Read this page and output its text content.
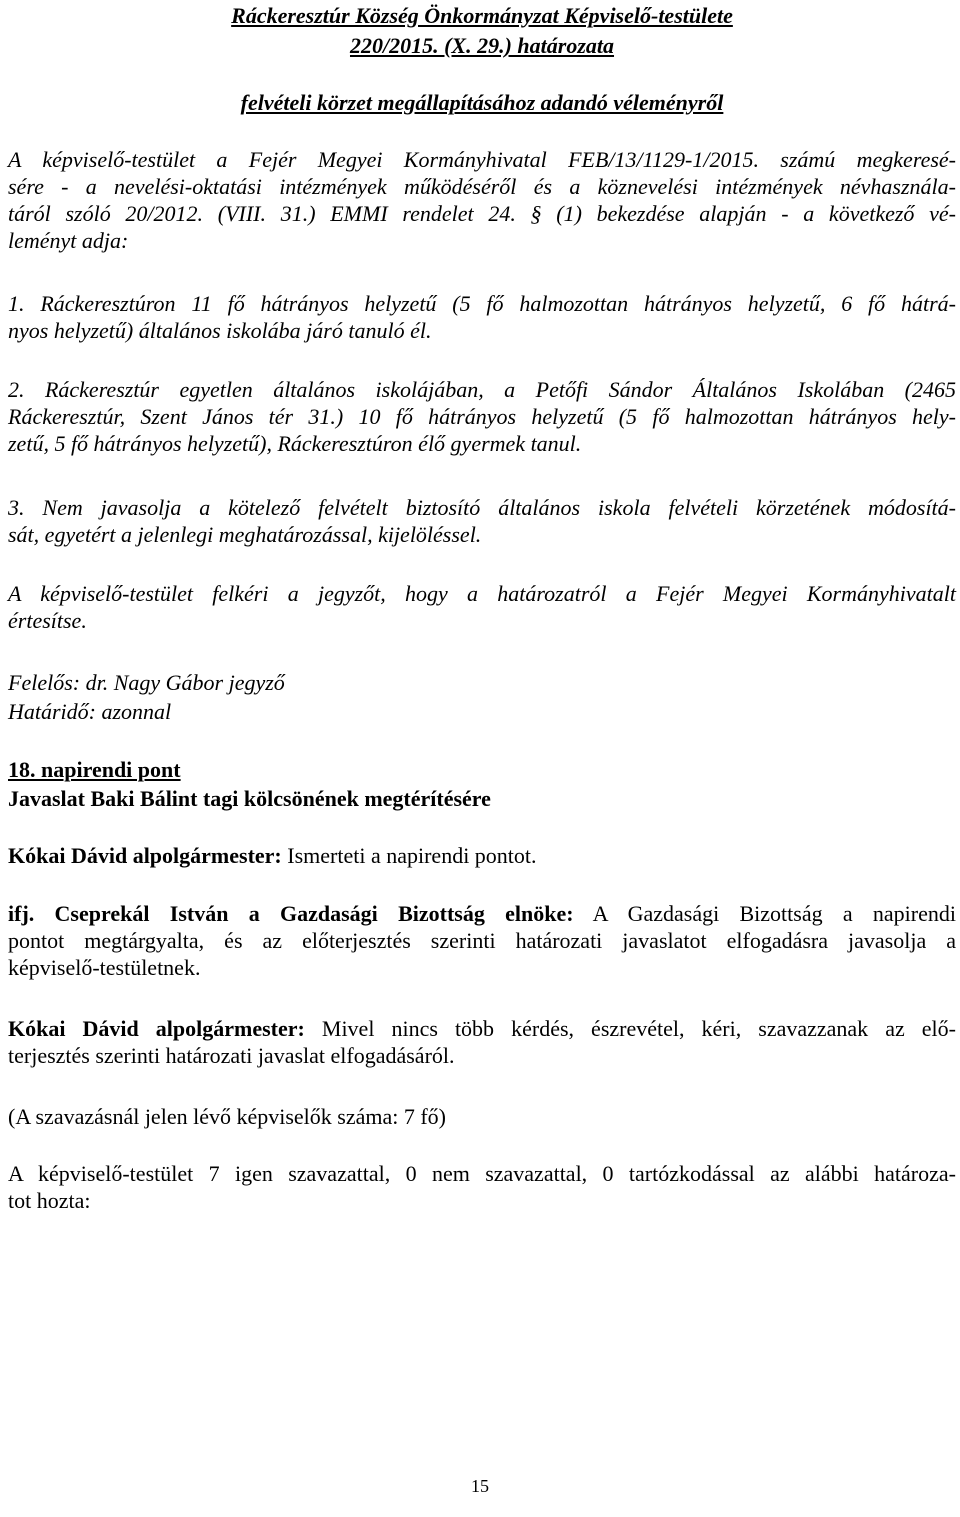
Ráckeresztúr Község Önkormányzat Képviselő-testülete
220/2015. (X. 29.) határozata
felvételi körzet megállapításához adandó véleményről
A képviselő-testület a Fejér Megyei Kormányhivatal FEB/13/1129-1/2015. számú megkeresé-
sére - a nevelési-oktatási intézmények működéséről és a köznevelési intézmények névhasznála-
táról szóló 20/2012. (VIII. 31.) EMMI rendelet 24. § (1) bekezdése alapján - a következő vé-
leményt adja:
1. Ráckeresztúron 11 fő hátrányos helyzetű (5 fő halmozottan hátrányos helyzetű, 6 fő hátrá-
nyos helyzetű) általános iskolába járó tanuló él.
2. Ráckeresztúr egyetlen általános iskolájában, a Petőfi Sándor Általános Iskolában (2465
Ráckeresztúr, Szent János tér 31.) 10 fő hátrányos helyzetű (5 fő halmozottan hátrányos hely-
zetű, 5 fő hátrányos helyzetű), Ráckeresztúron élő gyermek tanul.
3. Nem javasolja a kötelező felvételt biztosító általános iskola felvételi körzetének módosítá-
sát, egyetért a jelenlegi meghatározással, kijelöléssel.
A képviselő-testület felkéri a jegyzőt, hogy a határozatról a Fejér Megyei Kormányhivatalt
értesítse.
Felelős: dr. Nagy Gábor jegyző
Határidő: azonnal
18. napirendi pont
Javaslat Baki Bálint tagi kölcsönének megtérítésére
Kókai Dávid alpolgármester: Ismerteti a napirendi pontot.
ifj. Cseprekál István a Gazdasági Bizottság elnöke: A Gazdasági Bizottság a napirendi
pontot megtárgyalta, és az előterjesztés szerinti határozati javaslatot elfogadásra javasolja a
képviselő-testületnek.
Kókai Dávid alpolgármester: Mivel nincs több kérdés, észrevétel, kéri, szavazzanak az elő-
terjesztés szerinti határozati javaslat elfogadásáról.
(A szavazásnál jelen lévő képviselők száma: 7 fő)
A képviselő-testület 7 igen szavazattal, 0 nem szavazattal, 0 tartózkodással az alábbi határoza-
tot hozta:
15
